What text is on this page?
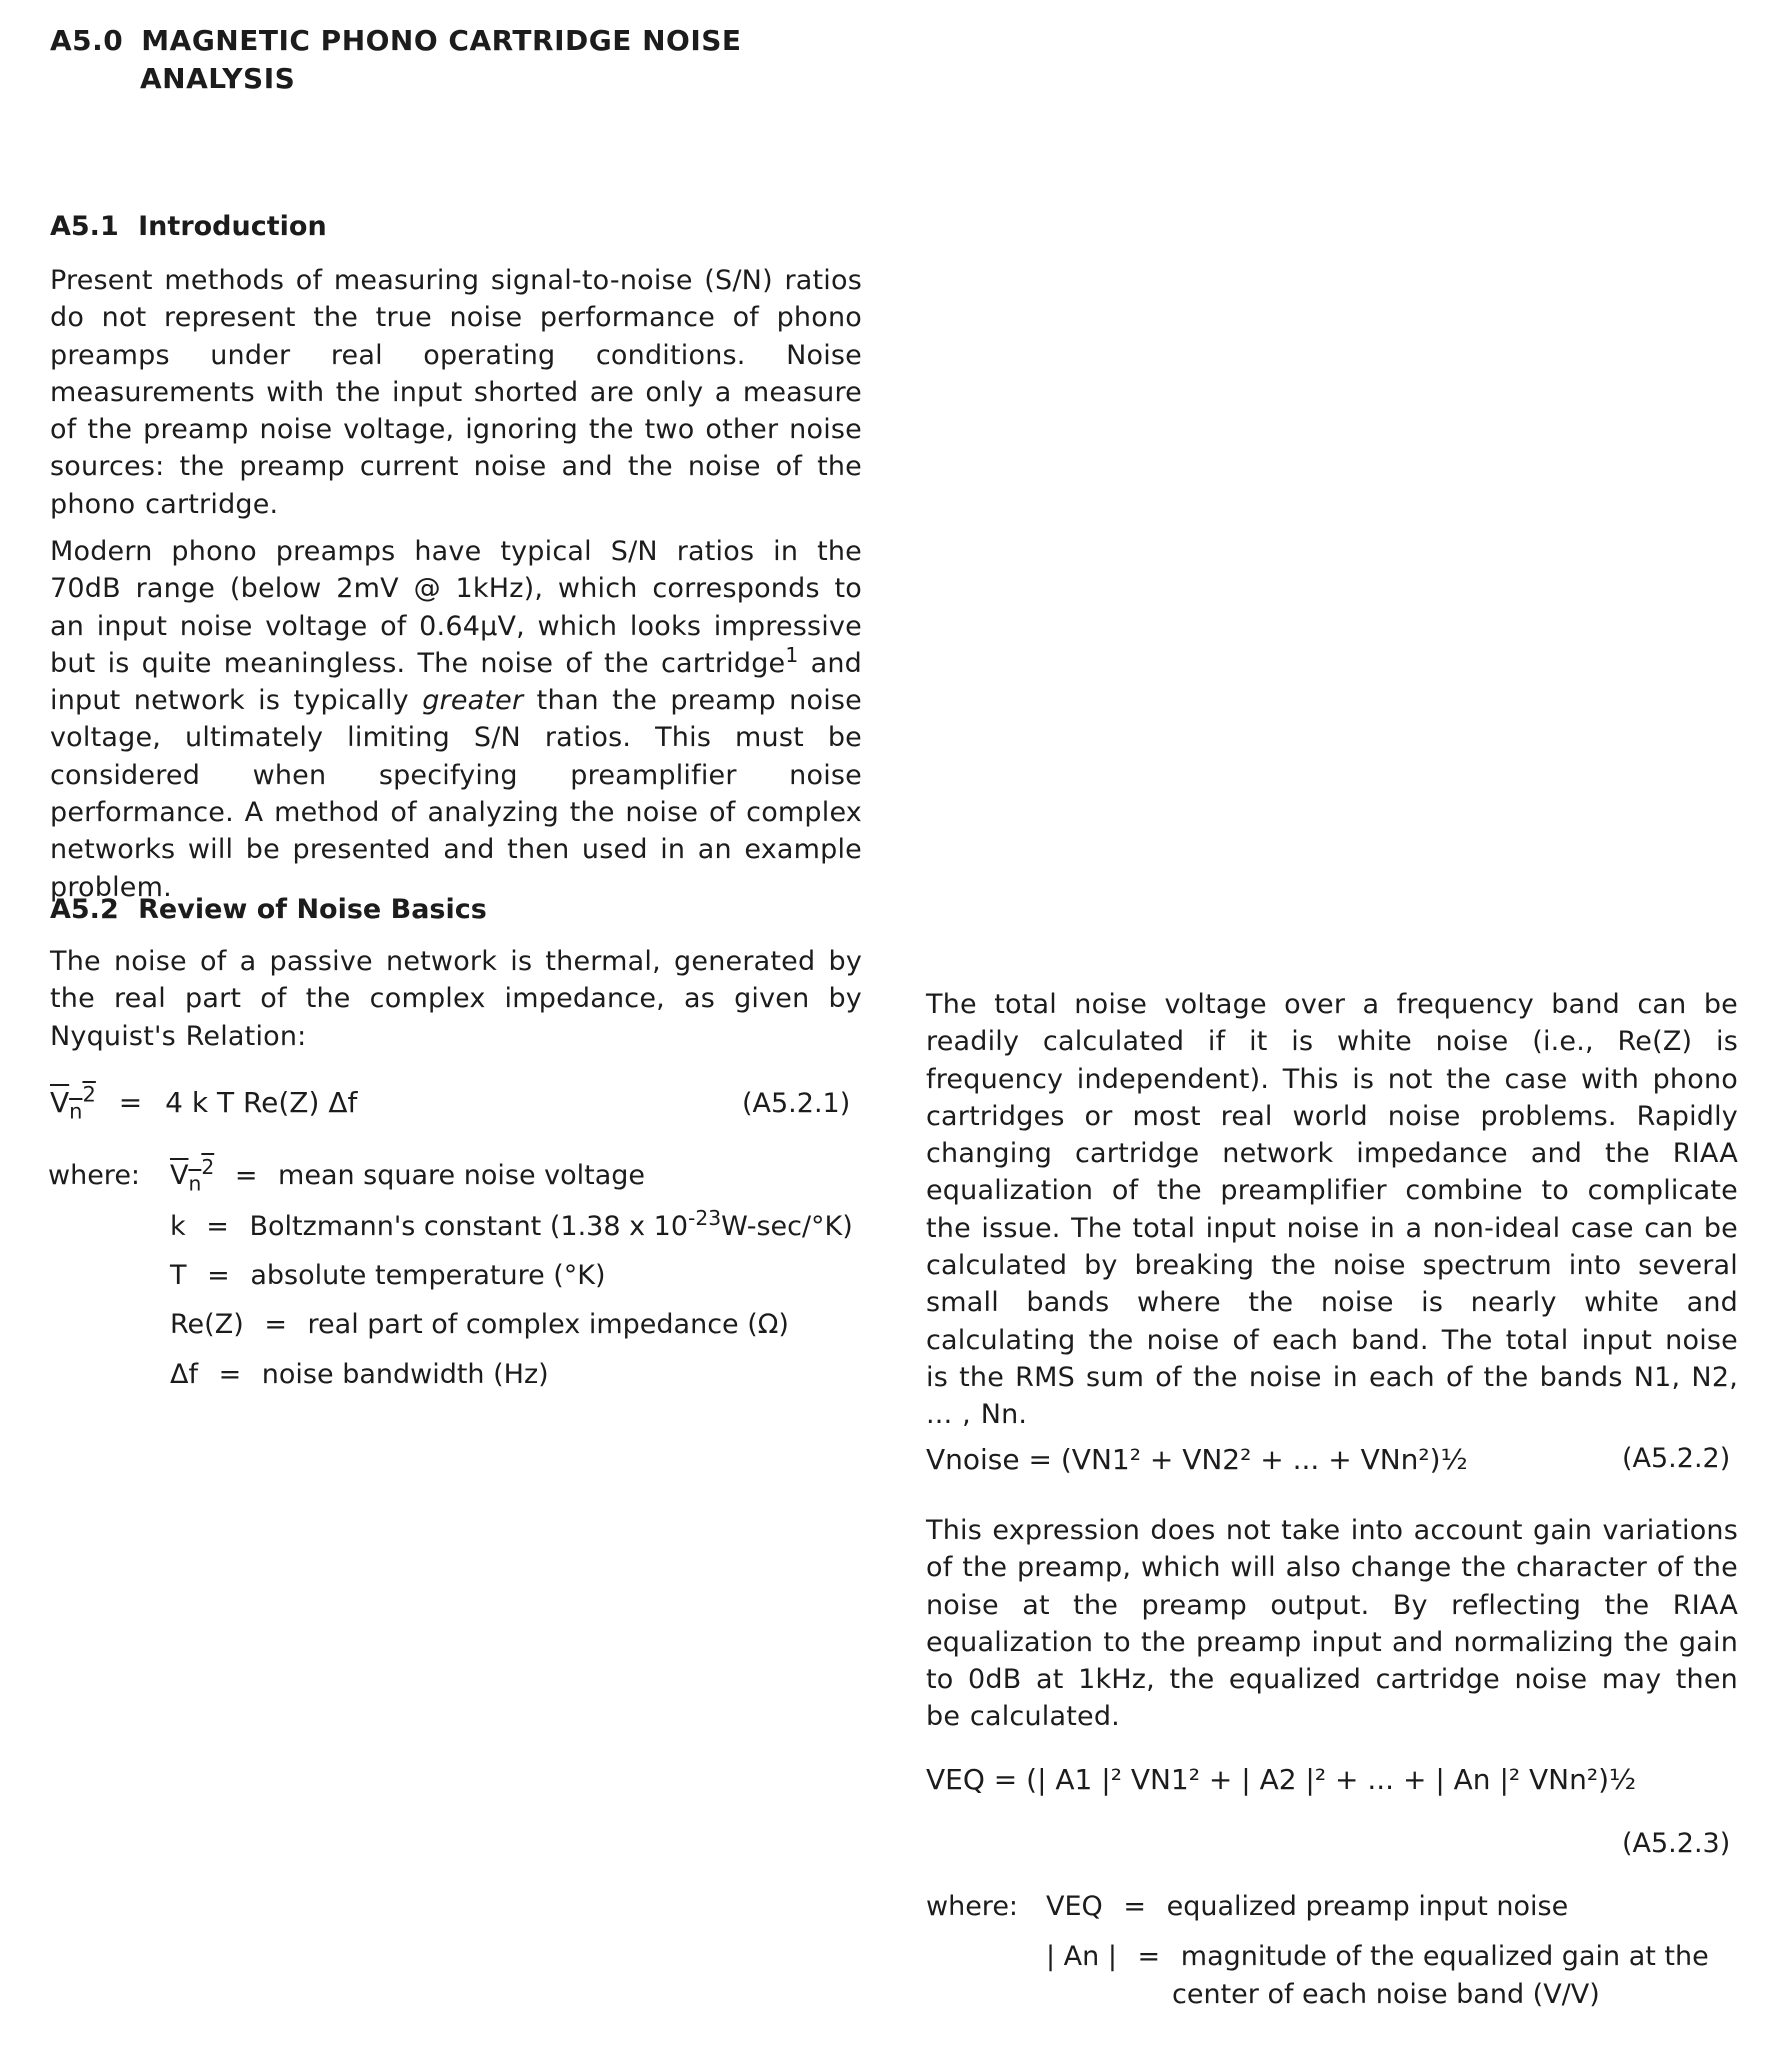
A5.0 MAGNETIC PHONO CARTRIDGE NOISE
ANALYSIS
A5.1 Introduction
Present methods of measuring signal-to-noise (S/N) ratios do not represent the true noise performance of phono preamps under real operating conditions. Noise measurements with the input shorted are only a measure of the preamp noise voltage, ignoring the two other noise sources: the preamp current noise and the noise of the phono cartridge.
Modern phono preamps have typical S/N ratios in the 70dB range (below 2mV @ 1kHz), which corresponds to an input noise voltage of 0.64µV, which looks impressive but is quite meaningless. The noise of the cartridge$^1$ and input network is typically greater than the preamp noise voltage, ultimately limiting S/N ratios. This must be considered when specifying preamplifier noise performance. A method of analyzing the noise of complex networks will be presented and then used in an example problem.
A5.2 Review of Noise Basics
The noise of a passive network is thermal, generated by the real part of the complex impedance, as given by Nyquist's Relation:
$V_n^2 = 4$ k T Re(Z) Δf	(A5.2.1)
where: $V_n^2$ = mean square noise voltage
k = Boltzmann's constant (1.38 x $10^{-23}W-\sec/^\circ K$)
T = absolute temperature (°K)
Re(Z) = real part of complex impedance (Ω)
Δf = noise bandwidth (Hz)
The total noise voltage over a frequency band can be readily calculated if it is white noise (i.e., Re(Z) is frequency independent). This is not the case with phono cartridges or most real world noise problems. Rapidly changing cartridge network impedance and the RIAA equalization of the preamplifier combine to complicate the issue. The total input noise in a non-ideal case can be calculated by breaking the noise spectrum into several small bands where the noise is nearly white and calculating the noise of each band. The total input noise is the RMS sum of the noise in each of the bands N1, N2, ... , Nn.
Vnoise = (VN1² + VN2² + ... + VNn²)½	(A5.2.2)
This expression does not take into account gain variations of the preamp, which will also change the character of the noise at the preamp output. By reflecting the RIAA equalization to the preamp input and normalizing the gain to 0dB at 1kHz, the equalized cartridge noise may then be calculated.
VEQ = (| A1 |² VN1² + | A2 |² + ... + | An |² VNn²)½
(A5.2.3)
where: VEQ = equalized preamp input noise
| An | = magnitude of the equalized gain at the
center of each noise band (V/V)
